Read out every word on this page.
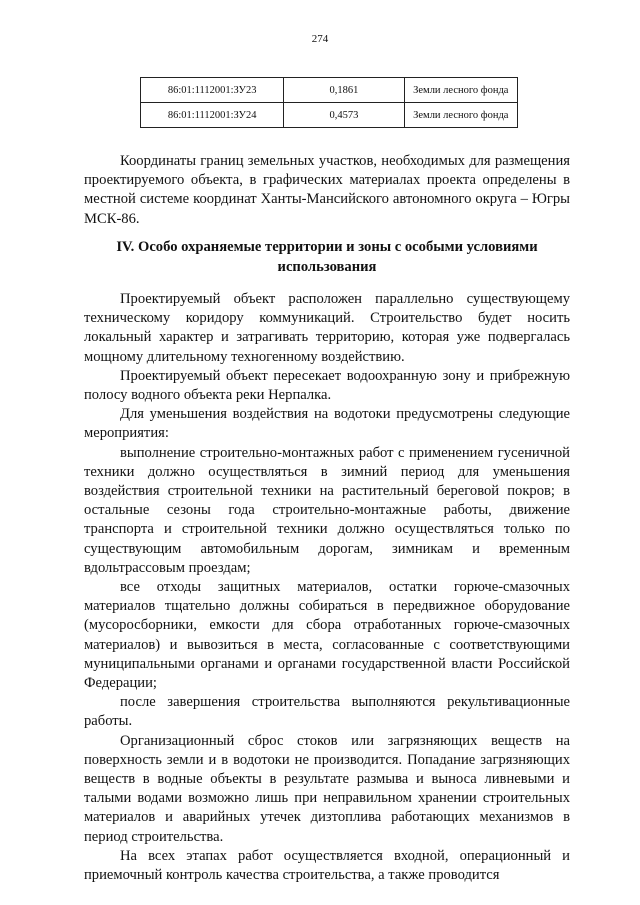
274
86:01:1112001:ЗУ23	0,1861	Земли лесного фонда
86:01:1112001:ЗУ24	0,4573	Земли лесного фонда

Координаты границ земельных участков, необходимых для размещения проектируемого объекта, в графических материалах проекта определены в местной системе координат Ханты-Мансийского автономного округа – Югры МСК-86.

IV. Особо охраняемые территории и зоны с особыми условиями использования

Проектируемый объект расположен параллельно существующему техническому коридору коммуникаций. Строительство будет носить локальный характер и затрагивать территорию, которая уже подвергалась мощному длительному техногенному воздействию.

Проектируемый объект пересекает водоохранную зону и прибрежную полосу водного объекта реки Нерпалка.

Для уменьшения воздействия на водотоки предусмотрены следующие мероприятия:

выполнение строительно-монтажных работ с применением гусеничной техники должно осуществляться в зимний период для уменьшения воздействия строительной техники на растительный береговой покров; в остальные сезоны года строительно-монтажные работы, движение транспорта и строительной техники должно осуществляться только по существующим автомобильным дорогам, зимникам и временным вдольтрассовым проездам;

все отходы защитных материалов, остатки горюче-смазочных материалов тщательно должны собираться в передвижное оборудование (мусоросборники, емкости для сбора отработанных горюче-смазочных материалов) и вывозиться в места, согласованные с соответствующими муниципальными органами и органами государственной власти Российской Федерации;

после завершения строительства выполняются рекультивационные работы.

Организационный сброс стоков или загрязняющих веществ на поверхность земли и в водотоки не производится. Попадание загрязняющих веществ в водные объекты в результате размыва и выноса ливневыми и талыми водами возможно лишь при неправильном хранении строительных материалов и аварийных утечек дизтоплива работающих механизмов в период строительства.

На всех этапах работ осуществляется входной, операционный и приемочный контроль качества строительства, а также проводится
